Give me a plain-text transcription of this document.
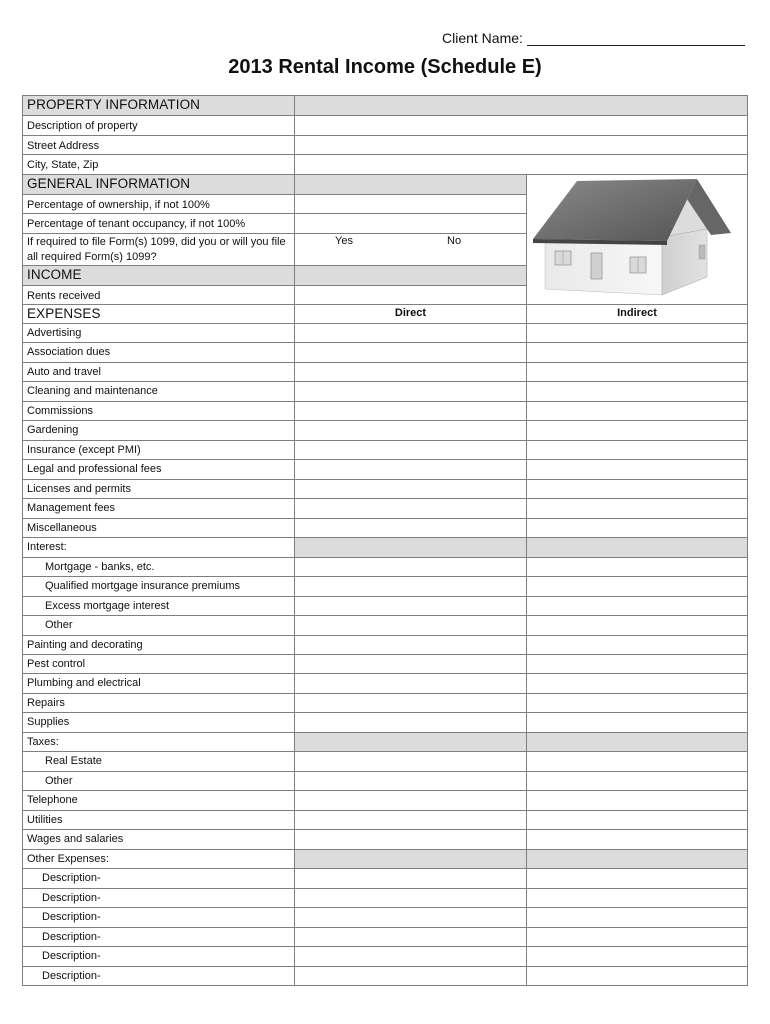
Client Name:
2013 Rental Income (Schedule E)
PROPERTY INFORMATION
Description of property
Street Address
City, State, Zip
GENERAL INFORMATION
Percentage of ownership, if not 100%
Percentage of tenant occupancy, if not 100%
If required to file Form(s) 1099, did you or will you file all required Form(s) 1099?
Yes	No
INCOME
Rents received
EXPENSES	Direct	Indirect
Advertising
Association dues
Auto and travel
Cleaning and maintenance
Commissions
Gardening
Insurance (except PMI)
Legal and professional fees
Licenses and permits
Management fees
Miscellaneous
Interest:
Mortgage - banks, etc.
Qualified mortgage insurance premiums
Excess mortgage interest
Other
Painting and decorating
Pest control
Plumbing and electrical
Repairs
Supplies
Taxes:
Real Estate
Other
Telephone
Utilities
Wages and salaries
Other Expenses:
Description-
Description-
Description-
Description-
Description-
Description-
